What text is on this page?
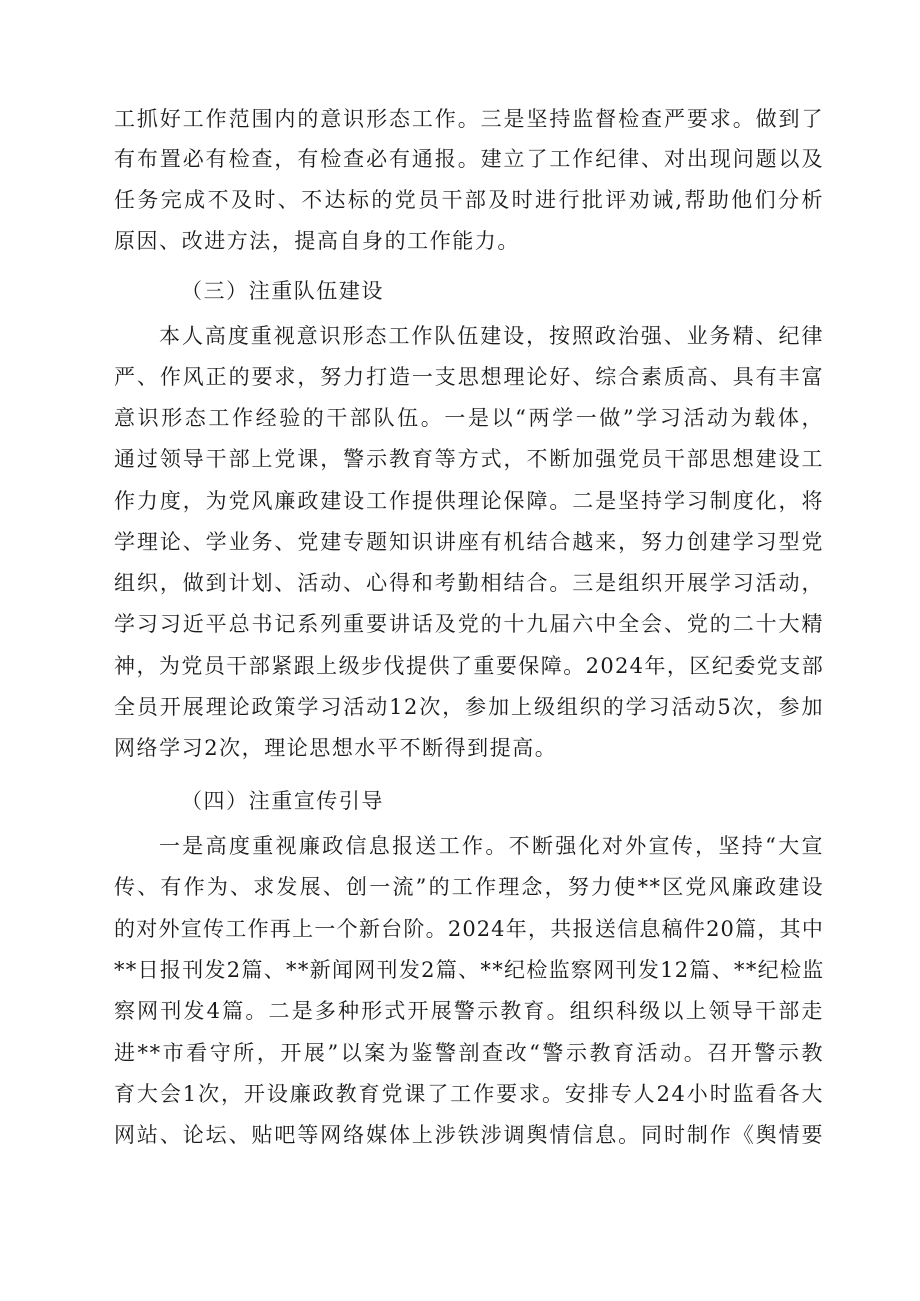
工抓好工作范围内的意识形态工作。三是坚持监督检查严要求。做到了

有布置必有检查，有检查必有通报。建立了工作纪律、对出现问题以及

任务完成不及时、不达标的党员干部及时进行批评劝诫,帮助他们分析

原因、改进方法，提高自身的工作能力。

（三）注重队伍建设

本人高度重视意识形态工作队伍建设，按照政治强、业务精、纪律

严、作风正的要求，努力打造一支思想理论好、综合素质高、具有丰富

意识形态工作经验的干部队伍。一是以“两学一做”学习活动为载体，

通过领导干部上党课，警示教育等方式，不断加强党员干部思想建设工

作力度，为党风廉政建设工作提供理论保障。二是坚持学习制度化，将

学理论、学业务、党建专题知识讲座有机结合越来，努力创建学习型党

组织，做到计划、活动、心得和考勤相结合。三是组织开展学习活动，

学习习近平总书记系列重要讲话及党的十九届六中全会、党的二十大精

神，为党员干部紧跟上级步伐提供了重要保障。2024年，区纪委党支部

全员开展理论政策学习活动12次，参加上级组织的学习活动5次，参加

网络学习2次，理论思想水平不断得到提高。

（四）注重宣传引导

一是高度重视廉政信息报送工作。不断强化对外宣传，坚持“大宣

传、有作为、求发展、创一流”的工作理念，努力使**区党风廉政建设

的对外宣传工作再上一个新台阶。2024年，共报送信息稿件20篇，其中

**日报刊发2篇、**新闻网刊发2篇、**纪检监察网刊发12篇、**纪检监

察网刊发4篇。二是多种形式开展警示教育。组织科级以上领导干部走

进**市看守所，开展”以案为鉴警剖查改“警示教育活动。召开警示教

育大会1次，开设廉政教育党课了工作要求。安排专人24小时监看各大

网站、论坛、贴吧等网络媒体上涉铁涉调舆情信息。同时制作《舆情要
